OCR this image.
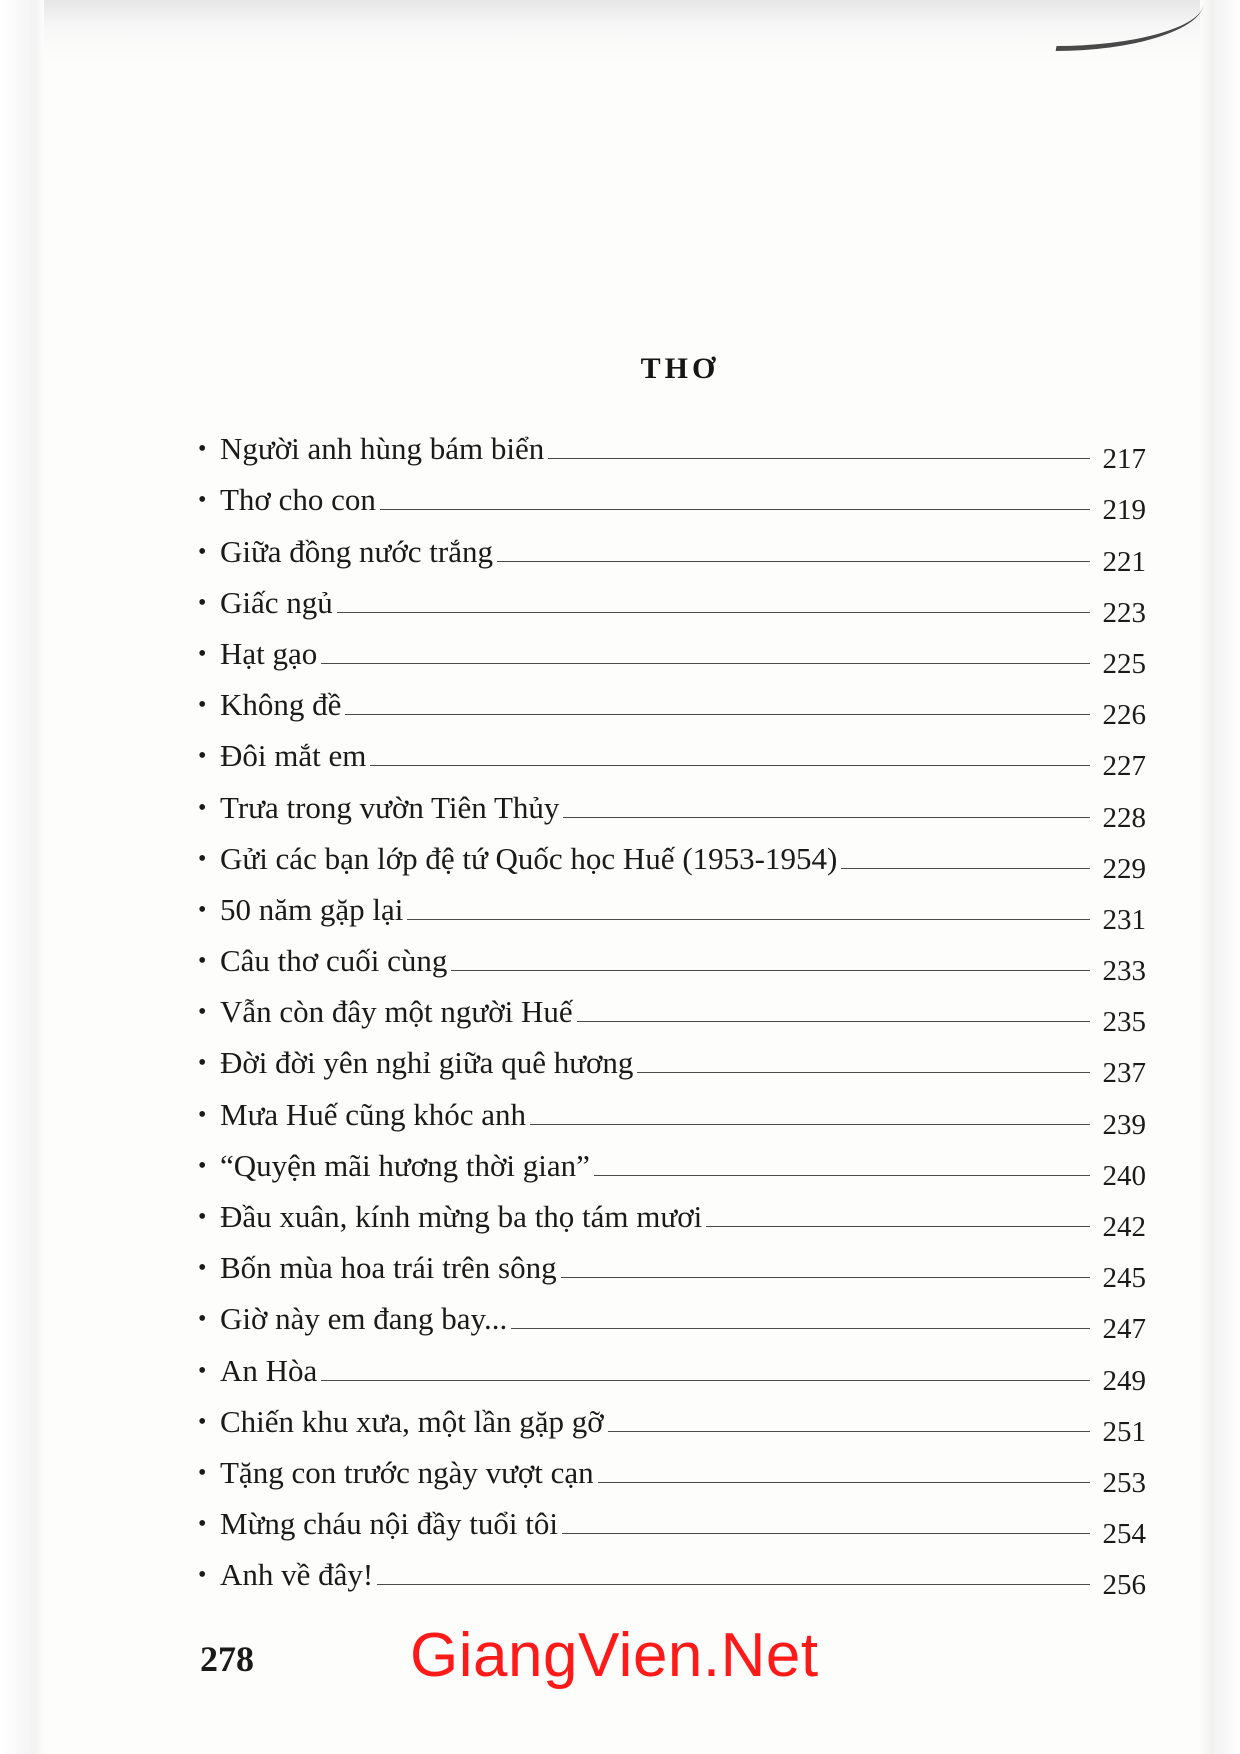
THƠ
• Người anh hùng bám biển	217
• Thơ cho con	219
• Giữa đồng nước trắng	221
• Giấc ngủ	223
• Hạt gạo	225
• Không đề	226
• Đôi mắt em	227
• Trưa trong vườn Tiên Thủy	228
• Gửi các bạn lớp đệ tứ Quốc học Huế (1953-1954)	229
• 50 năm gặp lại	231
• Câu thơ cuối cùng	233
• Vẫn còn đây một người Huế	235
• Đời đời yên nghỉ giữa quê hương	237
• Mưa Huế cũng khóc anh	239
• “Quyện mãi hương thời gian”	240
• Đầu xuân, kính mừng ba thọ tám mươi	242
• Bốn mùa hoa trái trên sông	245
• Giờ này em đang bay...	247
• An Hòa	249
• Chiến khu xưa, một lần gặp gỡ	251
• Tặng con trước ngày vượt cạn	253
• Mừng cháu nội đầy tuổi tôi	254
• Anh về đây!	256
278	GiangVien.Net
